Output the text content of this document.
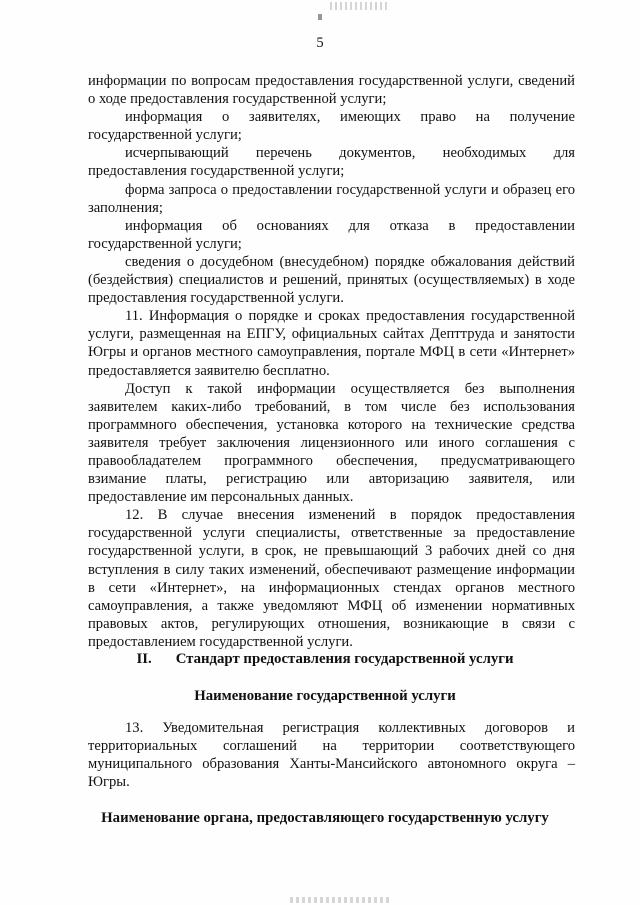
5

информации по вопросам предоставления государственной услуги, сведений о ходе предоставления государственной услуги;

информация о заявителях, имеющих право на получение государственной услуги;

исчерпывающий перечень документов, необходимых для предоставления государственной услуги;

форма запроса о предоставлении государственной услуги и образец его заполнения;

информация об основаниях для отказа в предоставлении государственной услуги;

сведения о досудебном (внесудебном) порядке обжалования действий (бездействия) специалистов и решений, принятых (осуществляемых) в ходе предоставления государственной услуги.

11. Информация о порядке и сроках предоставления государственной услуги, размещенная на ЕПГУ, официальных сайтах Депттруда и занятости Югры и органов местного самоуправления, портале МФЦ в сети «Интернет» предоставляется заявителю бесплатно.

Доступ к такой информации осуществляется без выполнения заявителем каких-либо требований, в том числе без использования программного обеспечения, установка которого на технические средства заявителя требует заключения лицензионного или иного соглашения с правообладателем программного обеспечения, предусматривающего взимание платы, регистрацию или авторизацию заявителя, или предоставление им персональных данных.

12. В случае внесения изменений в порядок предоставления государственной услуги специалисты, ответственные за предоставление государственной услуги, в срок, не превышающий 3 рабочих дней со дня вступления в силу таких изменений, обеспечивают размещение информации в сети «Интернет», на информационных стендах органов местного самоуправления, а также уведомляют МФЦ об изменении нормативных правовых актов, регулирующих отношения, возникающие в связи с предоставлением государственной услуги.

II. Стандарт предоставления государственной услуги
Наименование государственной услуги

13. Уведомительная регистрация коллективных договоров и территориальных соглашений на территории соответствующего муниципального образования Ханты-Мансийского автономного округа – Югры.

Наименование органа, предоставляющего государственную услугу
